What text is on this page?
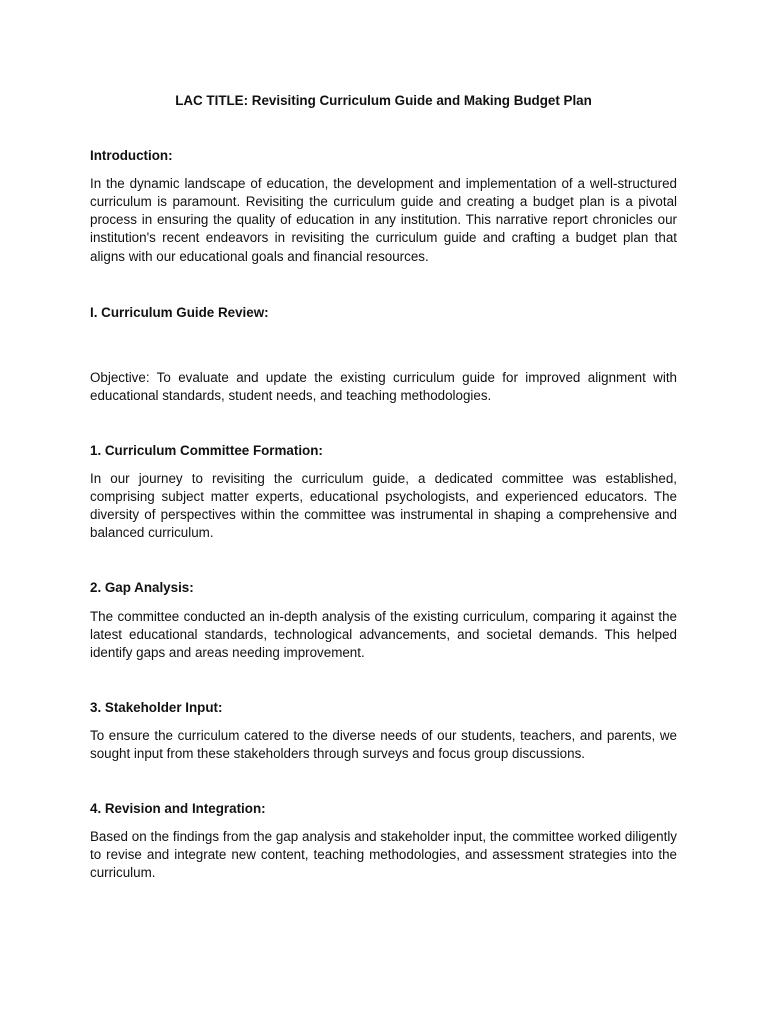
LAC TITLE: Revisiting Curriculum Guide and Making Budget Plan

Introduction:

In the dynamic landscape of education, the development and implementation of a well-structured curriculum is paramount. Revisiting the curriculum guide and creating a budget plan is a pivotal process in ensuring the quality of education in any institution. This narrative report chronicles our institution's recent endeavors in revisiting the curriculum guide and crafting a budget plan that aligns with our educational goals and financial resources.

I. Curriculum Guide Review:

Objective: To evaluate and update the existing curriculum guide for improved alignment with educational standards, student needs, and teaching methodologies.

1. Curriculum Committee Formation:

In our journey to revisiting the curriculum guide, a dedicated committee was established, comprising subject matter experts, educational psychologists, and experienced educators. The diversity of perspectives within the committee was instrumental in shaping a comprehensive and balanced curriculum.

2. Gap Analysis:

The committee conducted an in-depth analysis of the existing curriculum, comparing it against the latest educational standards, technological advancements, and societal demands. This helped identify gaps and areas needing improvement.

3. Stakeholder Input:

To ensure the curriculum catered to the diverse needs of our students, teachers, and parents, we sought input from these stakeholders through surveys and focus group discussions.

4. Revision and Integration:

Based on the findings from the gap analysis and stakeholder input, the committee worked diligently to revise and integrate new content, teaching methodologies, and assessment strategies into the curriculum.
